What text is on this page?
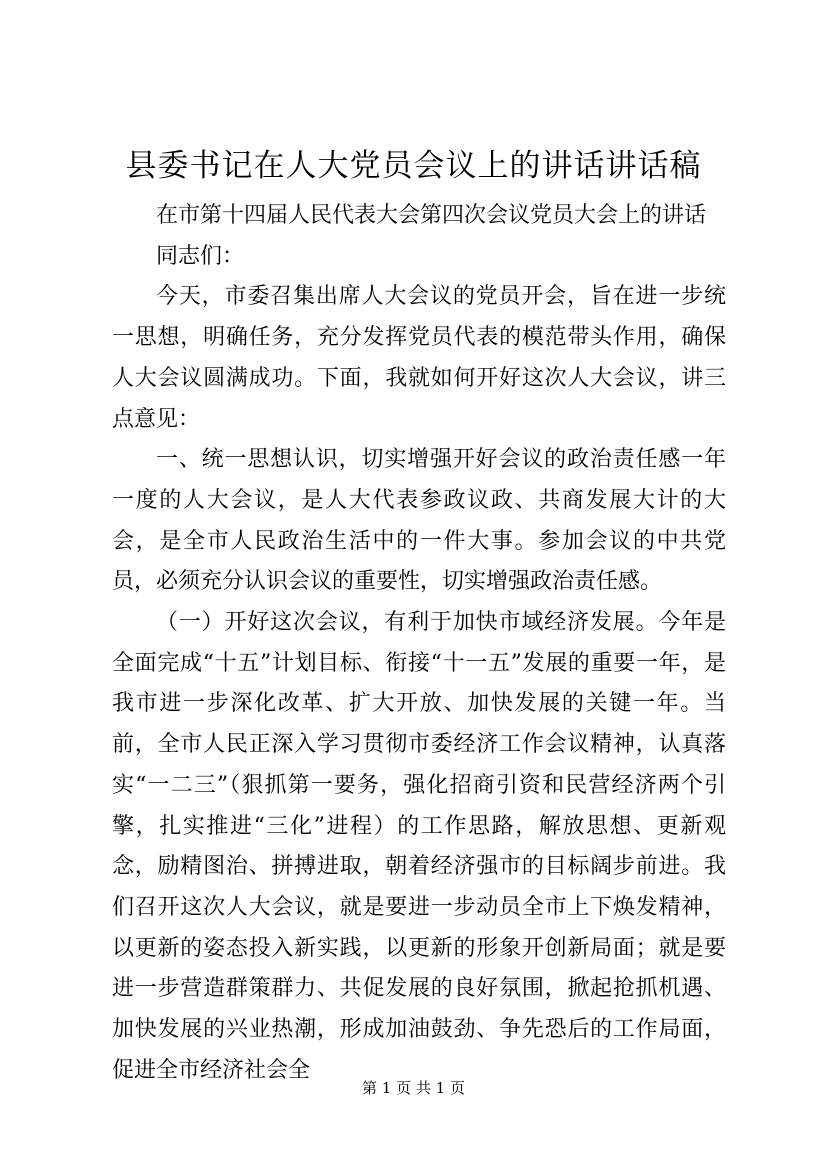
县委书记在人大党员会议上的讲话讲话稿

在市第十四届人民代表大会第四次会议党员大会上的讲话

同志们：

今天，市委召集出席人大会议的党员开会，旨在进一步统一思想，明确任务，充分发挥党员代表的模范带头作用，确保人大会议圆满成功。下面，我就如何开好这次人大会议，讲三点意见：

一、统一思想认识，切实增强开好会议的政治责任感一年一度的人大会议，是人大代表参政议政、共商发展大计的大会，是全市人民政治生活中的一件大事。参加会议的中共党员，必须充分认识会议的重要性，切实增强政治责任感。

（一）开好这次会议，有利于加快市域经济发展。今年是全面完成“十五”计划目标、衔接“十一五”发展的重要一年，是我市进一步深化改革、扩大开放、加快发展的关键一年。当前，全市人民正深入学习贯彻市委经济工作会议精神，认真落实“一二三”（狠抓第一要务，强化招商引资和民营经济两个引擎，扎实推进“三化”进程）的工作思路，解放思想、更新观念，励精图治、拼搏进取，朝着经济强市的目标阔步前进。我们召开这次人大会议，就是要进一步动员全市上下焕发精神，以更新的姿态投入新实践，以更新的形象开创新局面；就是要进一步营造群策群力、共促发展的良好氛围，掀起抢抓机遇、加快发展的兴业热潮，形成加油鼓劲、争先恐后的工作局面，促进全市经济社会全

第 1 页 共 1 页
